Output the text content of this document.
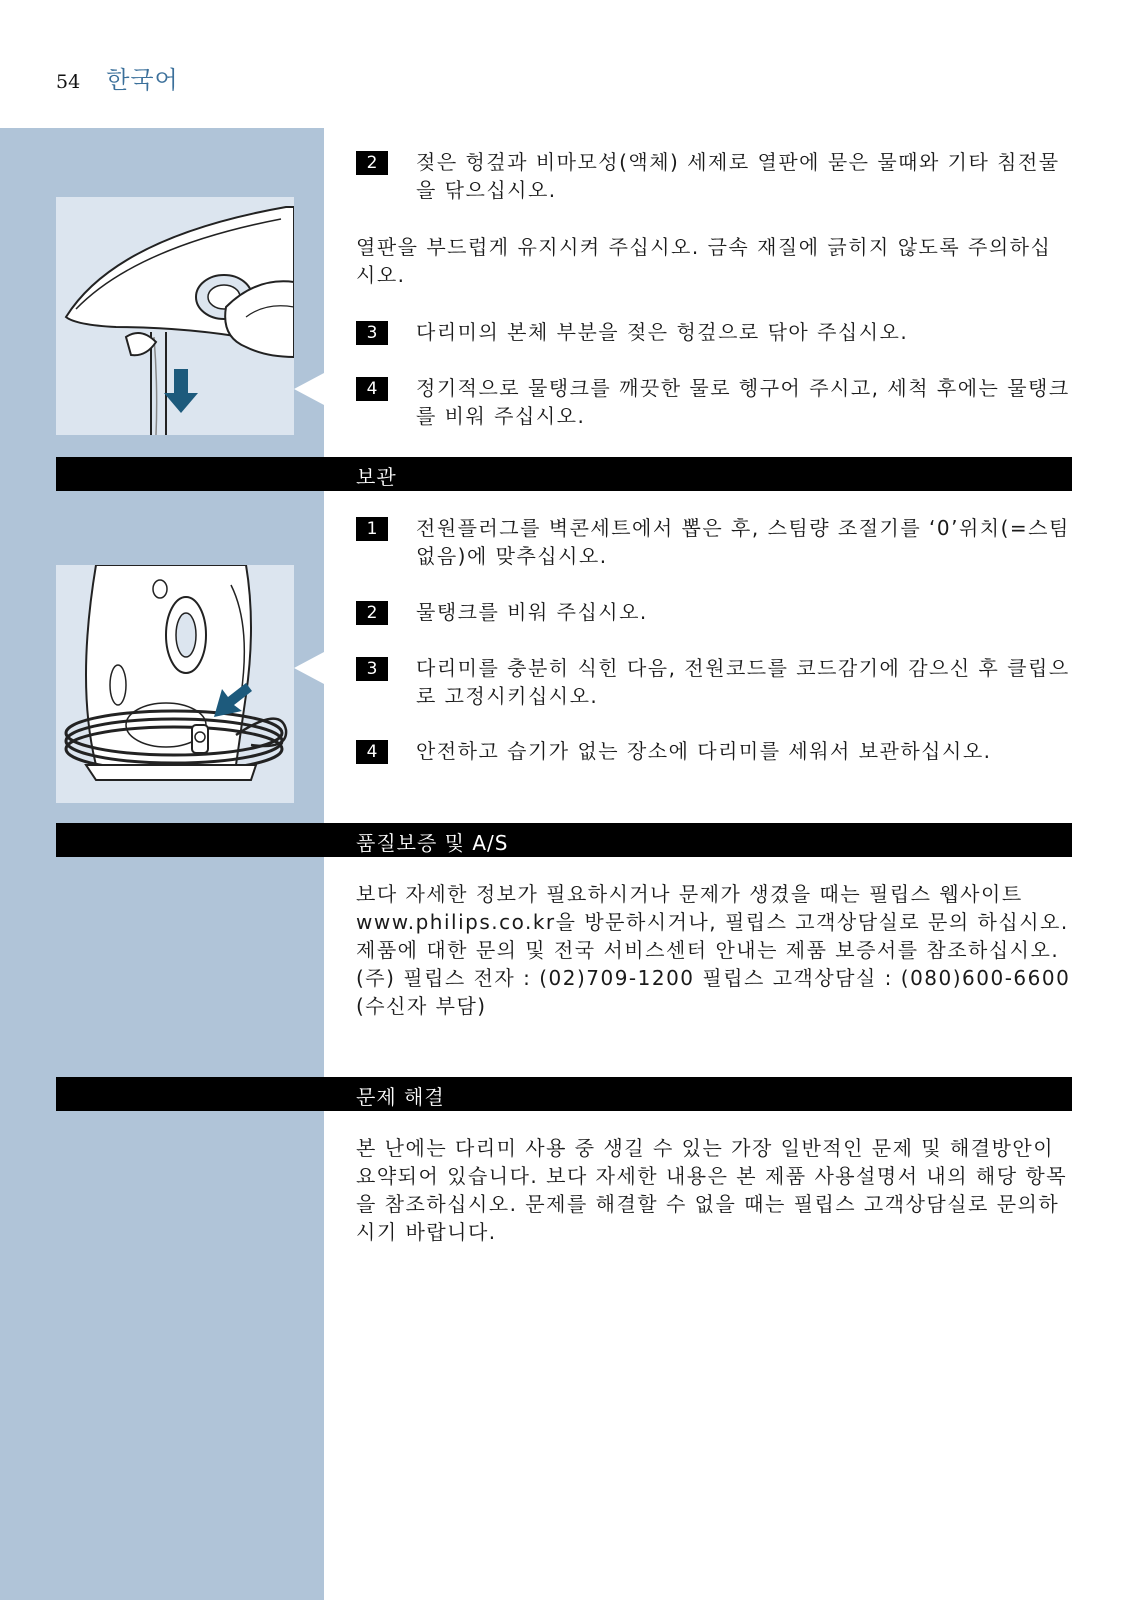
54 한국어
2	젖은 헝겊과 비마모성(액체) 세제로 열판에 묻은 물때와 기타 침전물을 닦으십시오.
열판을 부드럽게 유지시켜 주십시오. 금속 재질에 긁히지 않도록 주의하십시오.
3	다리미의 본체 부분을 젖은 헝겊으로 닦아 주십시오.
4	정기적으로 물탱크를 깨끗한 물로 헹구어 주시고, 세척 후에는 물탱크를 비워 주십시오.
보관
1	전원플러그를 벽콘세트에서 뽑은 후, 스팀량 조절기를 ‘0’위치(=스팀없음)에 맞추십시오.
2	물탱크를 비워 주십시오.
3	다리미를 충분히 식힌 다음, 전원코드를 코드감기에 감으신 후 클립으로 고정시키십시오.
4	안전하고 습기가 없는 장소에 다리미를 세워서 보관하십시오.
품질보증 및 A/S
보다 자세한 정보가 필요하시거나 문제가 생겼을 때는 필립스 웹사이트 www.philips.co.kr을 방문하시거나, 필립스 고객상담실로 문의 하십시오. 제품에 대한 문의 및 전국 서비스센터 안내는 제품 보증서를 참조하십시오. (주) 필립스 전자 : (02)709-1200 필립스 고객상담실 : (080)600-6600 (수신자 부담)
문제 해결
본 난에는 다리미 사용 중 생길 수 있는 가장 일반적인 문제 및 해결방안이 요약되어 있습니다. 보다 자세한 내용은 본 제품 사용설명서 내의 해당 항목을 참조하십시오. 문제를 해결할 수 없을 때는 필립스 고객상담실로 문의하시기 바랍니다.
